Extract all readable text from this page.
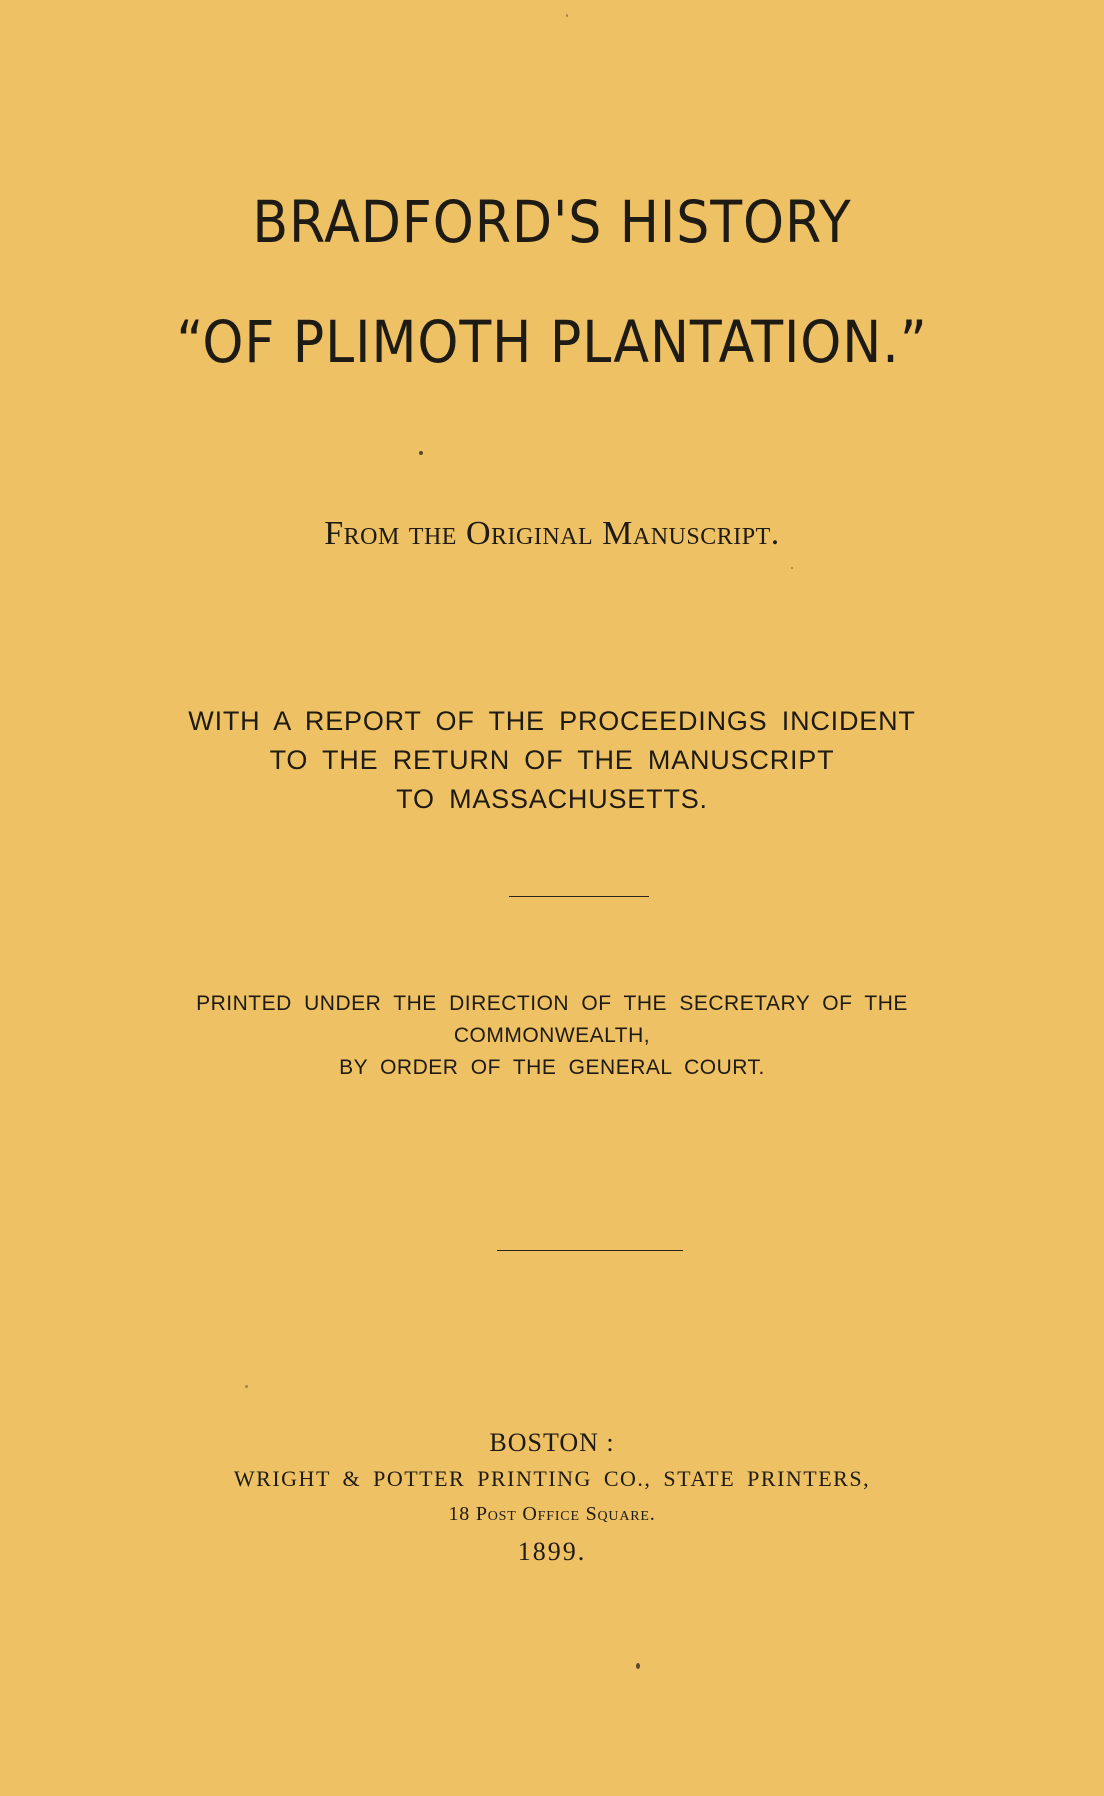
BRADFORD'S HISTORY
“OF PLIMOTH PLANTATION.”
From the Original Manuscript.
WITH A REPORT OF THE PROCEEDINGS INCIDENT
TO THE RETURN OF THE MANUSCRIPT
TO MASSACHUSETTS.
PRINTED UNDER THE DIRECTION OF THE SECRETARY OF THE
COMMONWEALTH,
BY ORDER OF THE GENERAL COURT.
BOSTON :
WRIGHT & POTTER PRINTING CO., STATE PRINTERS,
18 Post Office Square.
1899.
